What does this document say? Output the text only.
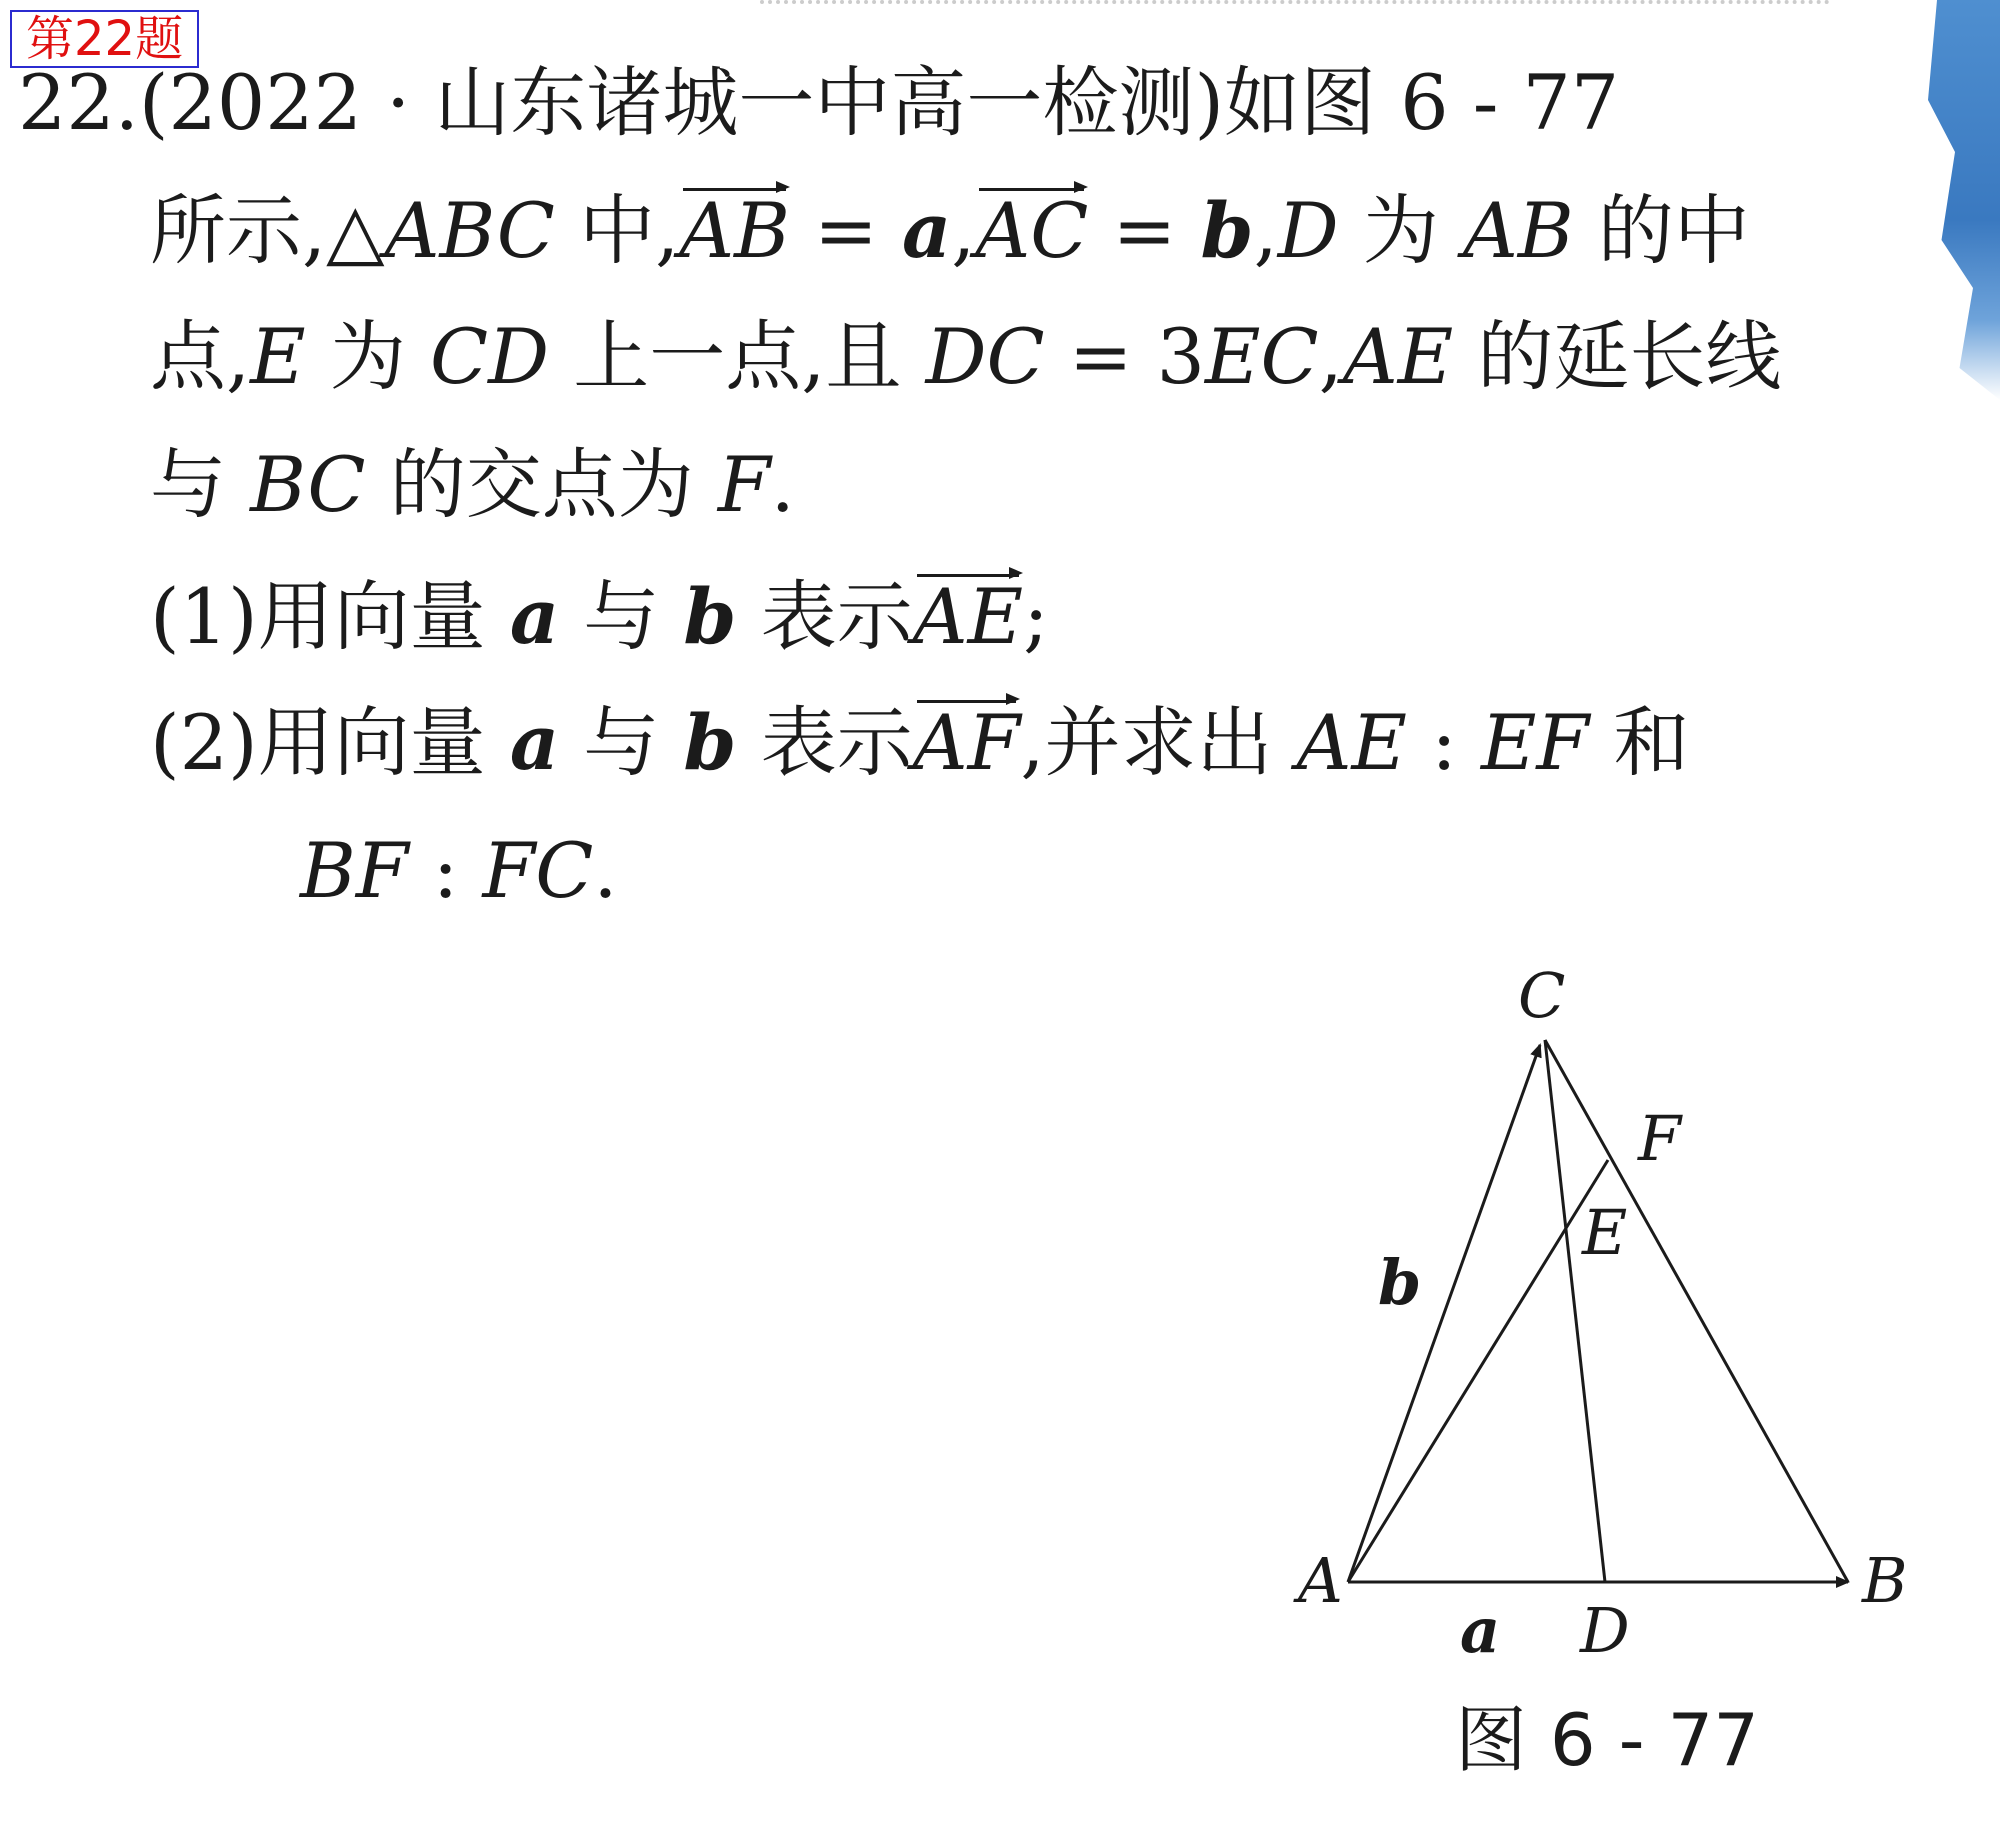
第22题
22.(2022 · 山东诸城一中高一检测)如图 6 - 77
所示,△ABC 中,AB = a,AC = b,D 为 AB 的中
点,E 为 CD 上一点,且 DC = 3EC,AE 的延长线
与 BC 的交点为 F.
(1)用向量 a 与 b 表示AE;
(2)用向量 a 与 b 表示AF,并求出 AE : EF 和
BF : FC.
C
F
E
b
A	B
a D
图 6 - 77
